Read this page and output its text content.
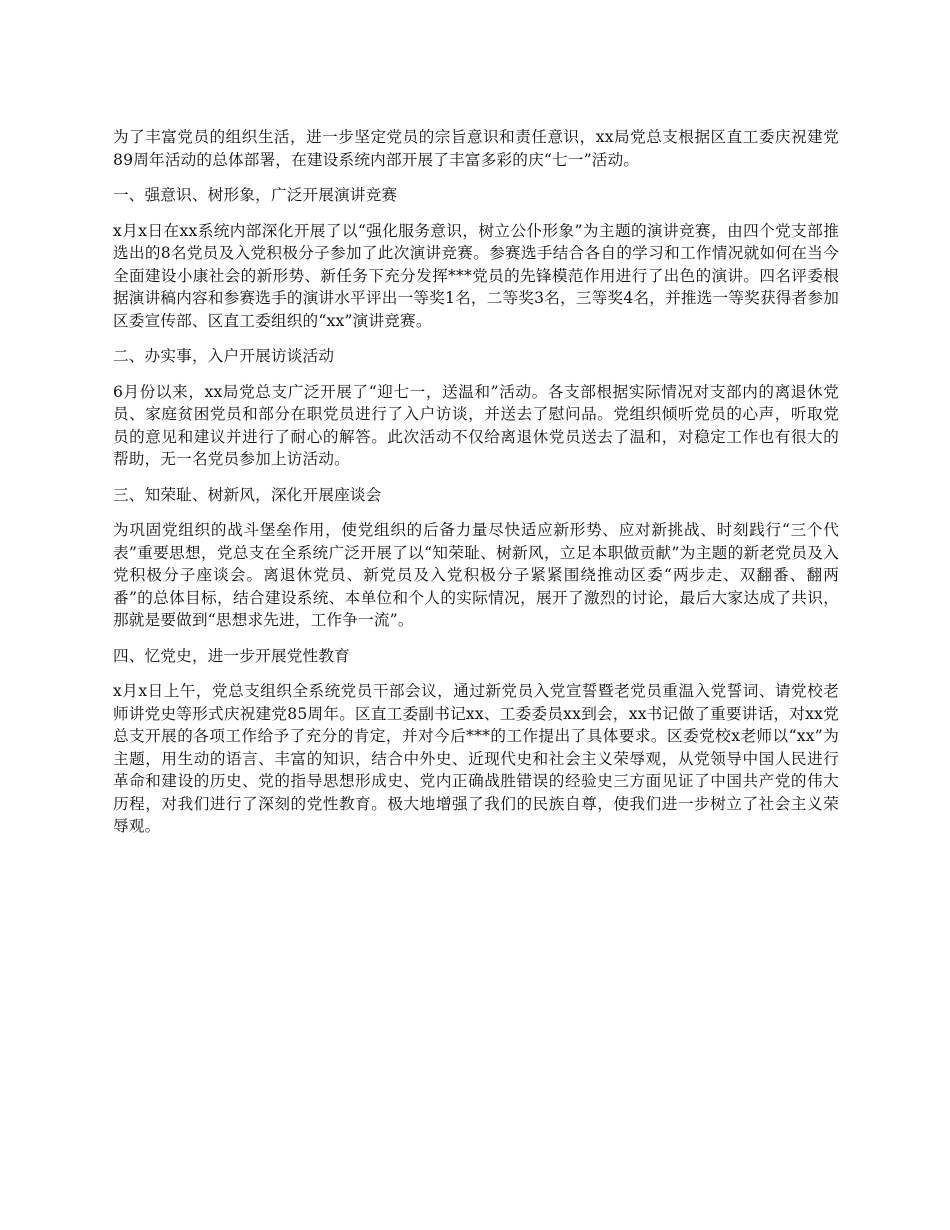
为了丰富党员的组织生活，进一步坚定党员的宗旨意识和责任意识，xx局党总支根据区直工委庆祝建党89周年活动的总体部署，在建设系统内部开展了丰富多彩的庆“七一”活动。

一、强意识、树形象，广泛开展演讲竞赛

x月x日在xx系统内部深化开展了以“强化服务意识，树立公仆形象”为主题的演讲竞赛，由四个党支部推选出的8名党员及入党积极分子参加了此次演讲竞赛。参赛选手结合各自的学习和工作情况就如何在当今全面建设小康社会的新形势、新任务下充分发挥***党员的先锋模范作用进行了出色的演讲。四名评委根据演讲稿内容和参赛选手的演讲水平评出一等奖1名，二等奖3名，三等奖4名，并推选一等奖获得者参加区委宣传部、区直工委组织的“xx”演讲竞赛。

二、办实事，入户开展访谈活动

6月份以来，xx局党总支广泛开展了“迎七一，送温和”活动。各支部根据实际情况对支部内的离退休党员、家庭贫困党员和部分在职党员进行了入户访谈，并送去了慰问品。党组织倾听党员的心声，听取党员的意见和建议并进行了耐心的解答。此次活动不仅给离退休党员送去了温和，对稳定工作也有很大的帮助，无一名党员参加上访活动。

三、知荣耻、树新风，深化开展座谈会

为巩固党组织的战斗堡垒作用，使党组织的后备力量尽快适应新形势、应对新挑战、时刻践行“三个代表”重要思想，党总支在全系统广泛开展了以“知荣耻、树新风，立足本职做贡献”为主题的新老党员及入党积极分子座谈会。离退休党员、新党员及入党积极分子紧紧围绕推动区委“两步走、双翻番、翻两番”的总体目标，结合建设系统、本单位和个人的实际情况，展开了激烈的讨论，最后大家达成了共识，那就是要做到“思想求先进，工作争一流”。

四、忆党史，进一步开展党性教育

x月x日上午，党总支组织全系统党员干部会议，通过新党员入党宣誓暨老党员重温入党誓词、请党校老师讲党史等形式庆祝建党85周年。区直工委副书记xx、工委委员xx到会，xx书记做了重要讲话，对xx党总支开展的各项工作给予了充分的肯定，并对今后***的工作提出了具体要求。区委党校x老师以“xx”为主题，用生动的语言、丰富的知识，结合中外史、近现代史和社会主义荣辱观，从党领导中国人民进行革命和建设的历史、党的指导思想形成史、党内正确战胜错误的经验史三方面见证了中国共产党的伟大历程，对我们进行了深刻的党性教育。极大地增强了我们的民族自尊，使我们进一步树立了社会主义荣辱观。
